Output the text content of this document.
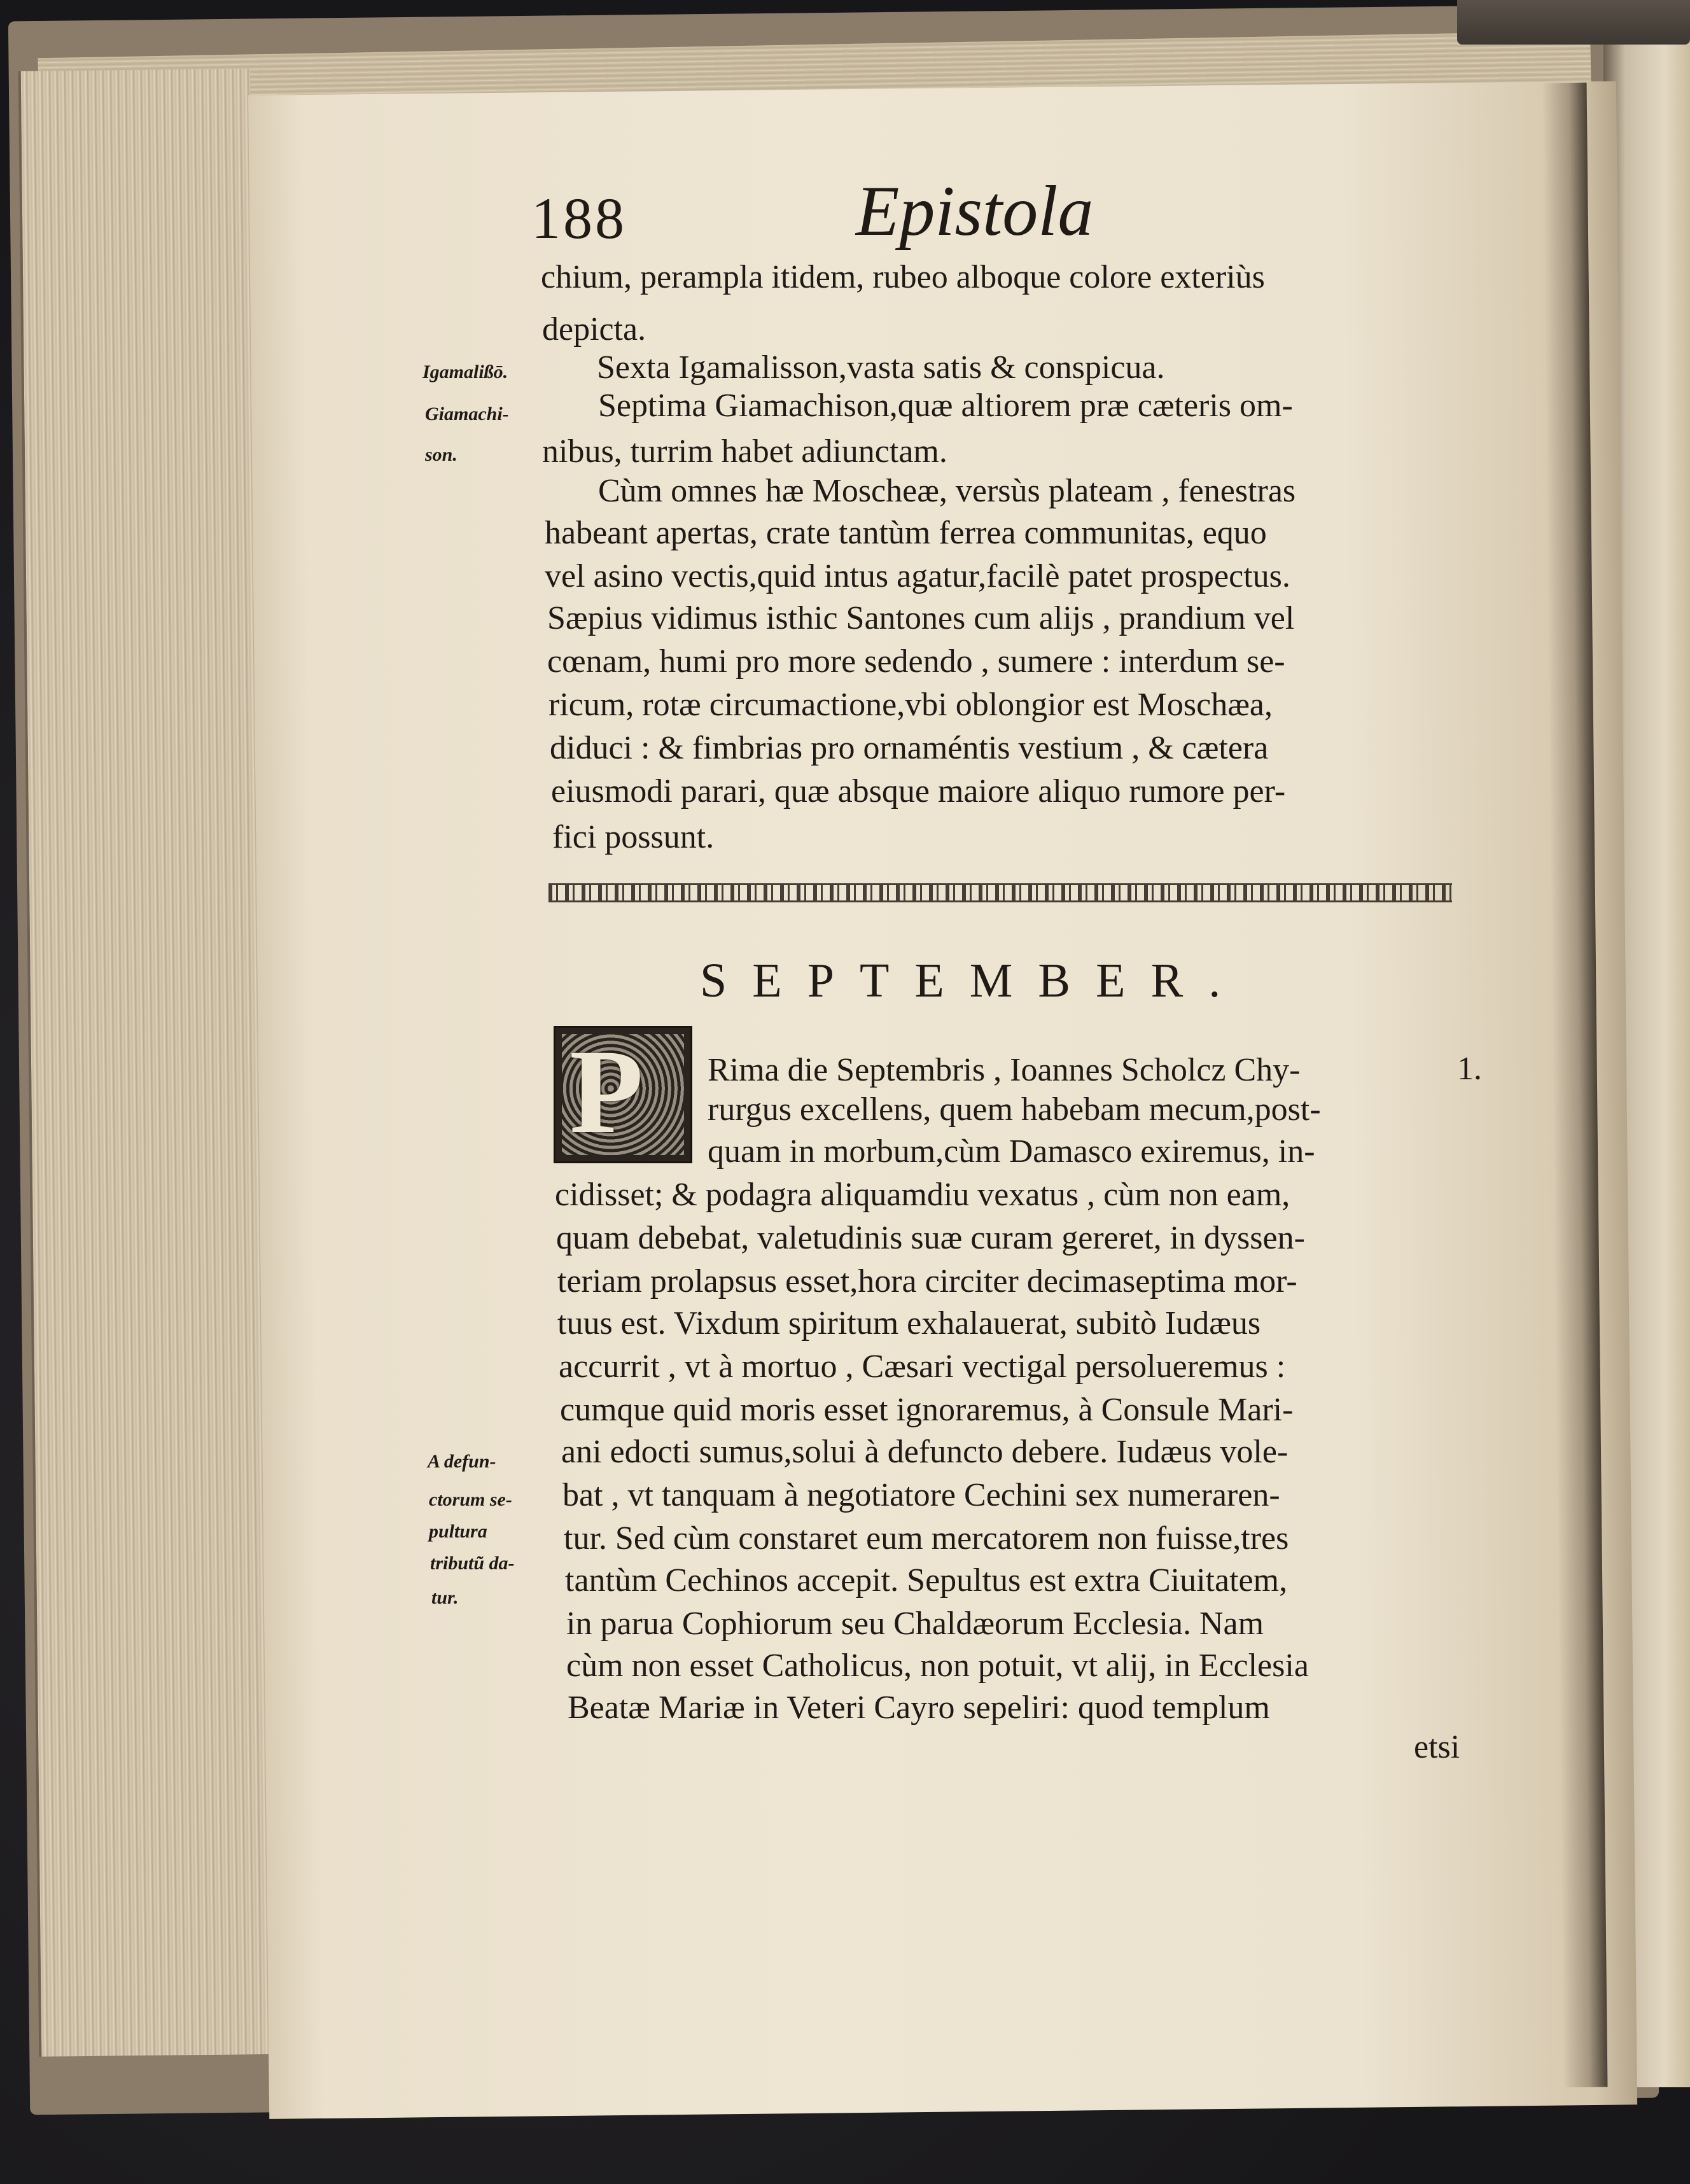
188	Epistola
chium, perampla itidem, rubeo alboque colore exteriùs
depicta.
Sexta Igamalisson,vasta satis & conspicua.
Septima Giamachison,quæ altiorem præ cæteris om-
nibus, turrim habet adiunctam.
Cùm omnes hæ Moscheæ, versùs plateam , fenestras
habeant apertas, crate tantùm ferrea communitas, equo
vel asino vectis,quid intus agatur,facilè patet prospectus.
Sæpius vidimus isthic Santones cum alijs , prandium vel
cœnam, humi pro more sedendo , sumere : interdum se-
ricum, rotæ circumactione,vbi oblongior est Moschæa,
diduci : & fimbrias pro ornaméntis vestium , & cætera
eiusmodi parari, quæ absque maiore aliquo rumore per-
fici possunt.
Igamalißō.
Giamachi-
son.
SEPTEMBER.
P	1.
Rima die Septembris , Ioannes Scholcz Chy-
rurgus excellens, quem habebam mecum,post-
quam in morbum,cùm Damasco exiremus, in-
cidisset; & podagra aliquamdiu vexatus , cùm non eam,
quam debebat, valetudinis suæ curam gereret, in dyssen-
teriam prolapsus esset,hora circiter decimaseptima mor-
tuus est. Vixdum spiritum exhalauerat, subitò Iudæus
accurrit , vt à mortuo , Cæsari vectigal persolueremus :
cumque quid moris esset ignoraremus, à Consule Mari-
ani edocti sumus,solui à defuncto debere. Iudæus vole-
bat , vt tanquam à negotiatore Cechini sex numeraren-
tur. Sed cùm constaret eum mercatorem non fuisse,tres
tantùm Cechinos accepit. Sepultus est extra Ciuitatem,
in parua Cophiorum seu Chaldæorum Ecclesia. Nam
cùm non esset Catholicus, non potuit, vt alij, in Ecclesia
Beatæ Mariæ in Veteri Cayro sepeliri: quod templum
etsi
A defun-
ctorum se-
pultura
tributũ da-
tur.
